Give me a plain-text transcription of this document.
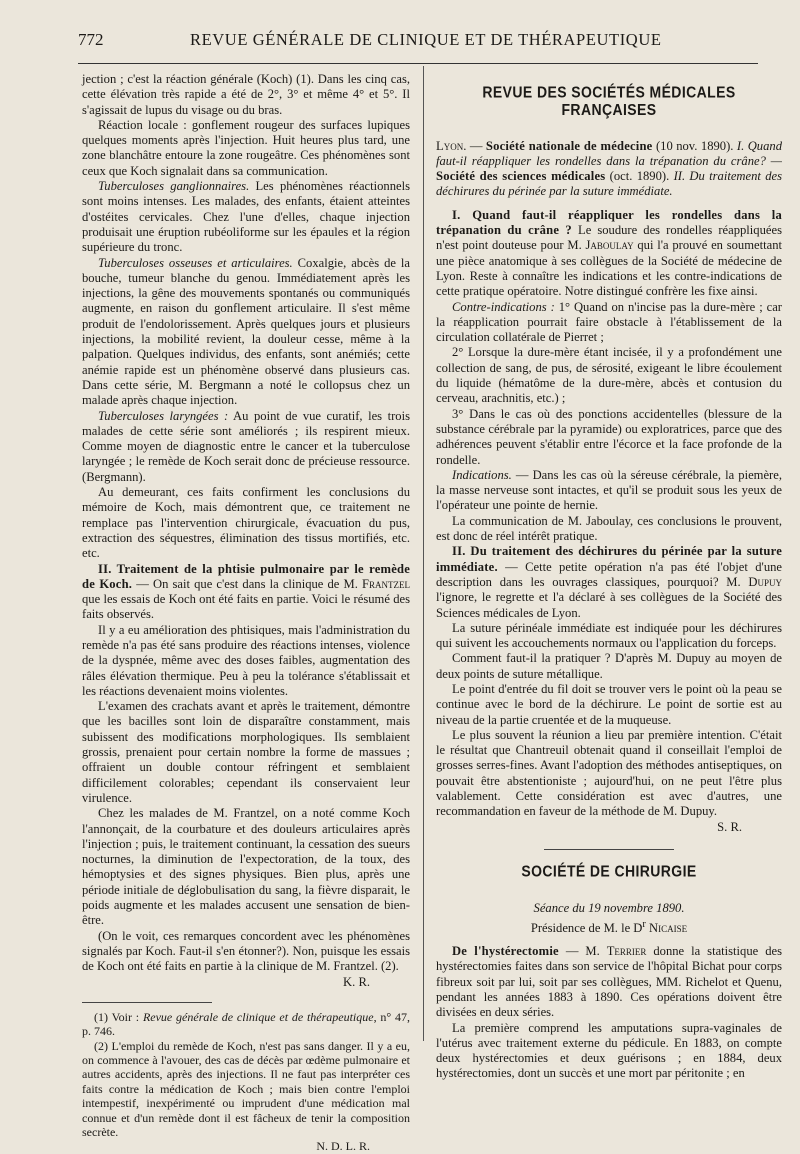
772	REVUE GÉNÉRALE DE CLINIQUE ET DE THÉRAPEUTIQUE

jection ; c'est la réaction générale (Koch) (1). Dans les cinq cas, cette élévation très rapide a été de 2°, 3° et même 4° et 5°. Il s'agissait de lupus du visage ou du bras.

Réaction locale : gonflement rougeur des surfaces lupiques quelques moments après l'injection. Huit heures plus tard, une zone blanchâtre entoure la zone rougeâtre. Ces phénomènes sont ceux que Koch signalait dans sa communication.

Tuberculoses ganglionnaires. Les phénomènes réactionnels sont moins intenses. Les malades, des enfants, étaient atteintes d'ostéites cervicales. Chez l'une d'elles, chaque injection produisait une éruption rubéoliforme sur les épaules et la région supérieure du tronc.

Tuberculoses osseuses et articulaires. Coxalgie, abcès de la bouche, tumeur blanche du genou. Immédiatement après les injections, la gêne des mouvements spontanés ou communiqués augmente, en raison du gonflement articulaire. Il s'est même produit de l'endolorissement. Après quelques jours et plusieurs injections, la mobilité revient, la douleur cesse, même à la palpation. Quelques individus, des enfants, sont anémiés; cette anémie rapide est un phénomène observé dans plusieurs cas. Dans cette série, M. Bergmann a noté le collopsus chez un malade après chaque injection.

Tuberculoses laryngées : Au point de vue curatif, les trois malades de cette série sont améliorés ; ils respirent mieux. Comme moyen de diagnostic entre le cancer et la tuberculose laryngée ; le remède de Koch serait donc de précieuse ressource. (Bergmann).

Au demeurant, ces faits confirment les conclusions du mémoire de Koch, mais démontrent que, ce traitement ne remplace pas l'intervention chirurgicale, évacuation du pus, extraction des séquestres, élimination des tissus mortifiés, etc. etc.

II. Traitement de la phtisie pulmonaire par le remède de Koch. — On sait que c'est dans la clinique de M. Frantzel que les essais de Koch ont été faits en partie. Voici le résumé des faits observés.

Il y a eu amélioration des phtisiques, mais l'administration du remède n'a pas été sans produire des réactions intenses, violence de la dyspnée, même avec des doses faibles, augmentation des râles élévation thermique. Peu à peu la tolérance s'établissait et les réactions devenaient moins violentes.

L'examen des crachats avant et après le traitement, démontre que les bacilles sont loin de disparaître constamment, mais subissent des modifications morphologiques. Ils semblaient grossis, prenaient pour certain nombre la forme de massues ; offraient un double contour réfringent et semblaient difficilement colorables; cependant ils conservaient leur virulence.

Chez les malades de M. Frantzel, on a noté comme Koch l'annonçait, de la courbature et des douleurs articulaires après l'injection ; puis, le traitement continuant, la cessation des sueurs nocturnes, la diminution de l'expectoration, de la toux, des hémoptysies et des signes physiques. Bien plus, après une période initiale de déglobulisation du sang, la fièvre disparait, le poids augmente et les malades accusent une sensation de bien-être.

(On le voit, ces remarques concordent avec les phénomènes signalés par Koch. Faut-il s'en étonner?). Non, puisque les essais de Koch ont été faits en partie à la clinique de M. Frantzel. (2).

K. R.

(1) Voir : Revue générale de clinique et de thérapeutique, n° 47, p. 746.

(2) L'emploi du remède de Koch, n'est pas sans danger. Il y a eu, on commence à l'avouer, des cas de décès par œdème pulmonaire et autres accidents, après des injections. Il ne faut pas interpréter ces faits contre la médication de Koch ; mais bien contre l'emploi intempestif, inexpérimenté ou imprudent d'une médication mal connue et d'un remède dont il est fâcheux de tenir la composition secrète.

N. D. L. R.

REVUE DES SOCIÉTÉS MÉDICALES FRANÇAISES

Lyon. — Société nationale de médecine (10 nov. 1890). I. Quand faut-il réappliquer les rondelles dans la trépanation du crâne? — Société des sciences médicales (oct. 1890). II. Du traitement des déchirures du périnée par la suture immédiate.

I. Quand faut-il réappliquer les rondelles dans la trépanation du crâne ? Le soudure des rondelles réappliquées n'est point douteuse pour M. Jaboulay qui l'a prouvé en soumettant une pièce anatomique à ses collègues de la Société de médecine de Lyon. Reste à connaître les indications et les contre-indications de cette pratique opératoire. Notre distingué confrère les fixe ainsi.

Contre-indications : 1° Quand on n'incise pas la dure-mère ; car la réapplication pourrait faire obstacle à l'établissement de la circulation collatérale de Pierret ;

2° Lorsque la dure-mère étant incisée, il y a profondément une collection de sang, de pus, de sérosité, exigeant le libre écoulement du liquide (hématôme de la dure-mère, abcès et contusion du cerveau, arachnitis, etc.) ;

3° Dans le cas où des ponctions accidentelles (blessure de la substance cérébrale par la pyramide) ou exploratrices, parce que des adhérences peuvent s'établir entre l'écorce et la face profonde de la rondelle.

Indications. — Dans les cas où la séreuse cérébrale, la piemère, la masse nerveuse sont intactes, et qu'il se produit sous les yeux de l'opérateur une pointe de hernie.

La communication de M. Jaboulay, ces conclusions le prouvent, est donc de réel intérêt pratique.

II. Du traitement des déchirures du périnée par la suture immédiate. — Cette petite opération n'a pas été l'objet d'une description dans les ouvrages classiques, pourquoi? M. Dupuy l'ignore, le regrette et l'a déclaré à ses collègues de la Société des Sciences médicales de Lyon.

La suture périnéale immédiate est indiquée pour les déchirures qui suivent les accouchements normaux ou l'application du forceps.

Comment faut-il la pratiquer ? D'après M. Dupuy au moyen de deux points de suture métallique.

Le point d'entrée du fil doit se trouver vers le point où la peau se continue avec le bord de la déchirure. Le point de sortie est au niveau de la partie cruentée et de la muqueuse.

Le plus souvent la réunion a lieu par première intention. C'était le résultat que Chantreuil obtenait quand il conseillait l'emploi de grosses serres-fines. Avant l'adoption des méthodes antiseptiques, on pouvait être abstentioniste ; aujourd'hui, on ne peut l'être plus valablement. Cette considération est avec d'autres, une recommandation en faveur de la méthode de M. Dupuy.

S. R.

SOCIÉTÉ DE CHIRURGIE

Séance du 19 novembre 1890.

Présidence de M. le $D^r$ Nicaise

De l'hystérectomie — M. Terrier donne la statistique des hystérectomies faites dans son service de l'hôpital Bichat pour corps fibreux soit par lui, soit par ses collègues, MM. Richelot et Quenu, pendant les années 1883 à 1890. Ces opérations doivent être divisées en deux séries.

La première comprend les amputations supra-vaginales de l'utérus avec traitement externe du pédicule. En 1883, on compte deux hystérectomies et deux guérisons ; en 1884, deux hystérectomies, dont un succès et une mort par péritonite ; en
